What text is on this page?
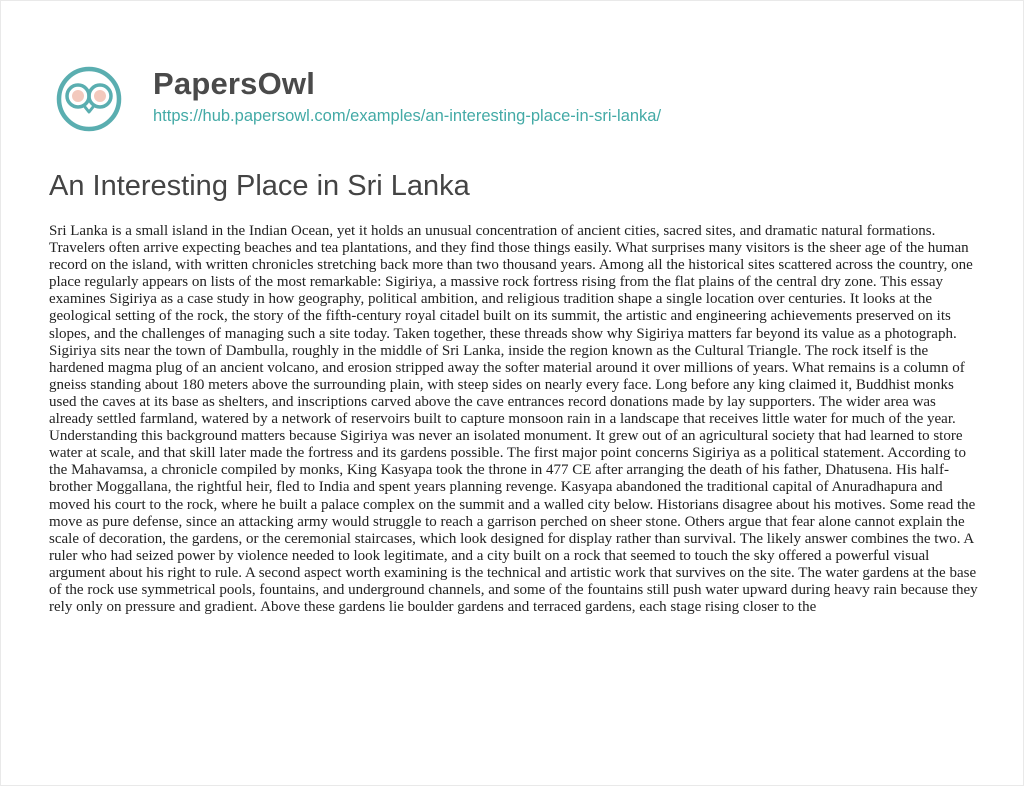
PapersOwl
https://hub.papersowl.com/examples/an-interesting-place-in-sri-lanka/
An Interesting Place in Sri Lanka

Sri Lanka is a small island in the Indian Ocean, yet it holds an unusual concentration of ancient cities, sacred sites, and dramatic natural formations. Travelers often arrive expecting beaches and tea plantations, and they find those things easily. What surprises many visitors is the sheer age of the human record on the island, with written chronicles stretching back more than two thousand years. Among all the historical sites scattered across the country, one place regularly appears on lists of the most remarkable: Sigiriya, a massive rock fortress rising from the flat plains of the central dry zone. This essay examines Sigiriya as a case study in how geography, political ambition, and religious tradition shape a single location over centuries. It looks at the geological setting of the rock, the story of the fifth-century royal citadel built on its summit, the artistic and engineering achievements preserved on its slopes, and the challenges of managing such a site today. Taken together, these threads show why Sigiriya matters far beyond its value as a photograph. Sigiriya sits near the town of Dambulla, roughly in the middle of Sri Lanka, inside the region known as the Cultural Triangle. The rock itself is the hardened magma plug of an ancient volcano, and erosion stripped away the softer material around it over millions of years. What remains is a column of gneiss standing about 180 meters above the surrounding plain, with steep sides on nearly every face. Long before any king claimed it, Buddhist monks used the caves at its base as shelters, and inscriptions carved above the cave entrances record donations made by lay supporters. The wider area was already settled farmland, watered by a network of reservoirs built to capture monsoon rain in a landscape that receives little water for much of the year. Understanding this background matters because Sigiriya was never an isolated monument. It grew out of an agricultural society that had learned to store water at scale, and that skill later made the fortress and its gardens possible. The first major point concerns Sigiriya as a political statement. According to the Mahavamsa, a chronicle compiled by monks, King Kasyapa took the throne in 477 CE after arranging the death of his father, Dhatusena. His half-brother Moggallana, the rightful heir, fled to India and spent years planning revenge. Kasyapa abandoned the traditional capital of Anuradhapura and moved his court to the rock, where he built a palace complex on the summit and a walled city below. Historians disagree about his motives. Some read the move as pure defense, since an attacking army would struggle to reach a garrison perched on sheer stone. Others argue that fear alone cannot explain the scale of decoration, the gardens, or the ceremonial staircases, which look designed for display rather than survival. The likely answer combines the two. A ruler who had seized power by violence needed to look legitimate, and a city built on a rock that seemed to touch the sky offered a powerful visual argument about his right to rule. A second aspect worth examining is the technical and artistic work that survives on the site. The water gardens at the base of the rock use symmetrical pools, fountains, and underground channels, and some of the fountains still push water upward during heavy rain because they rely only on pressure and gradient. Above these gardens lie boulder gardens and terraced gardens, each stage rising closer to the
